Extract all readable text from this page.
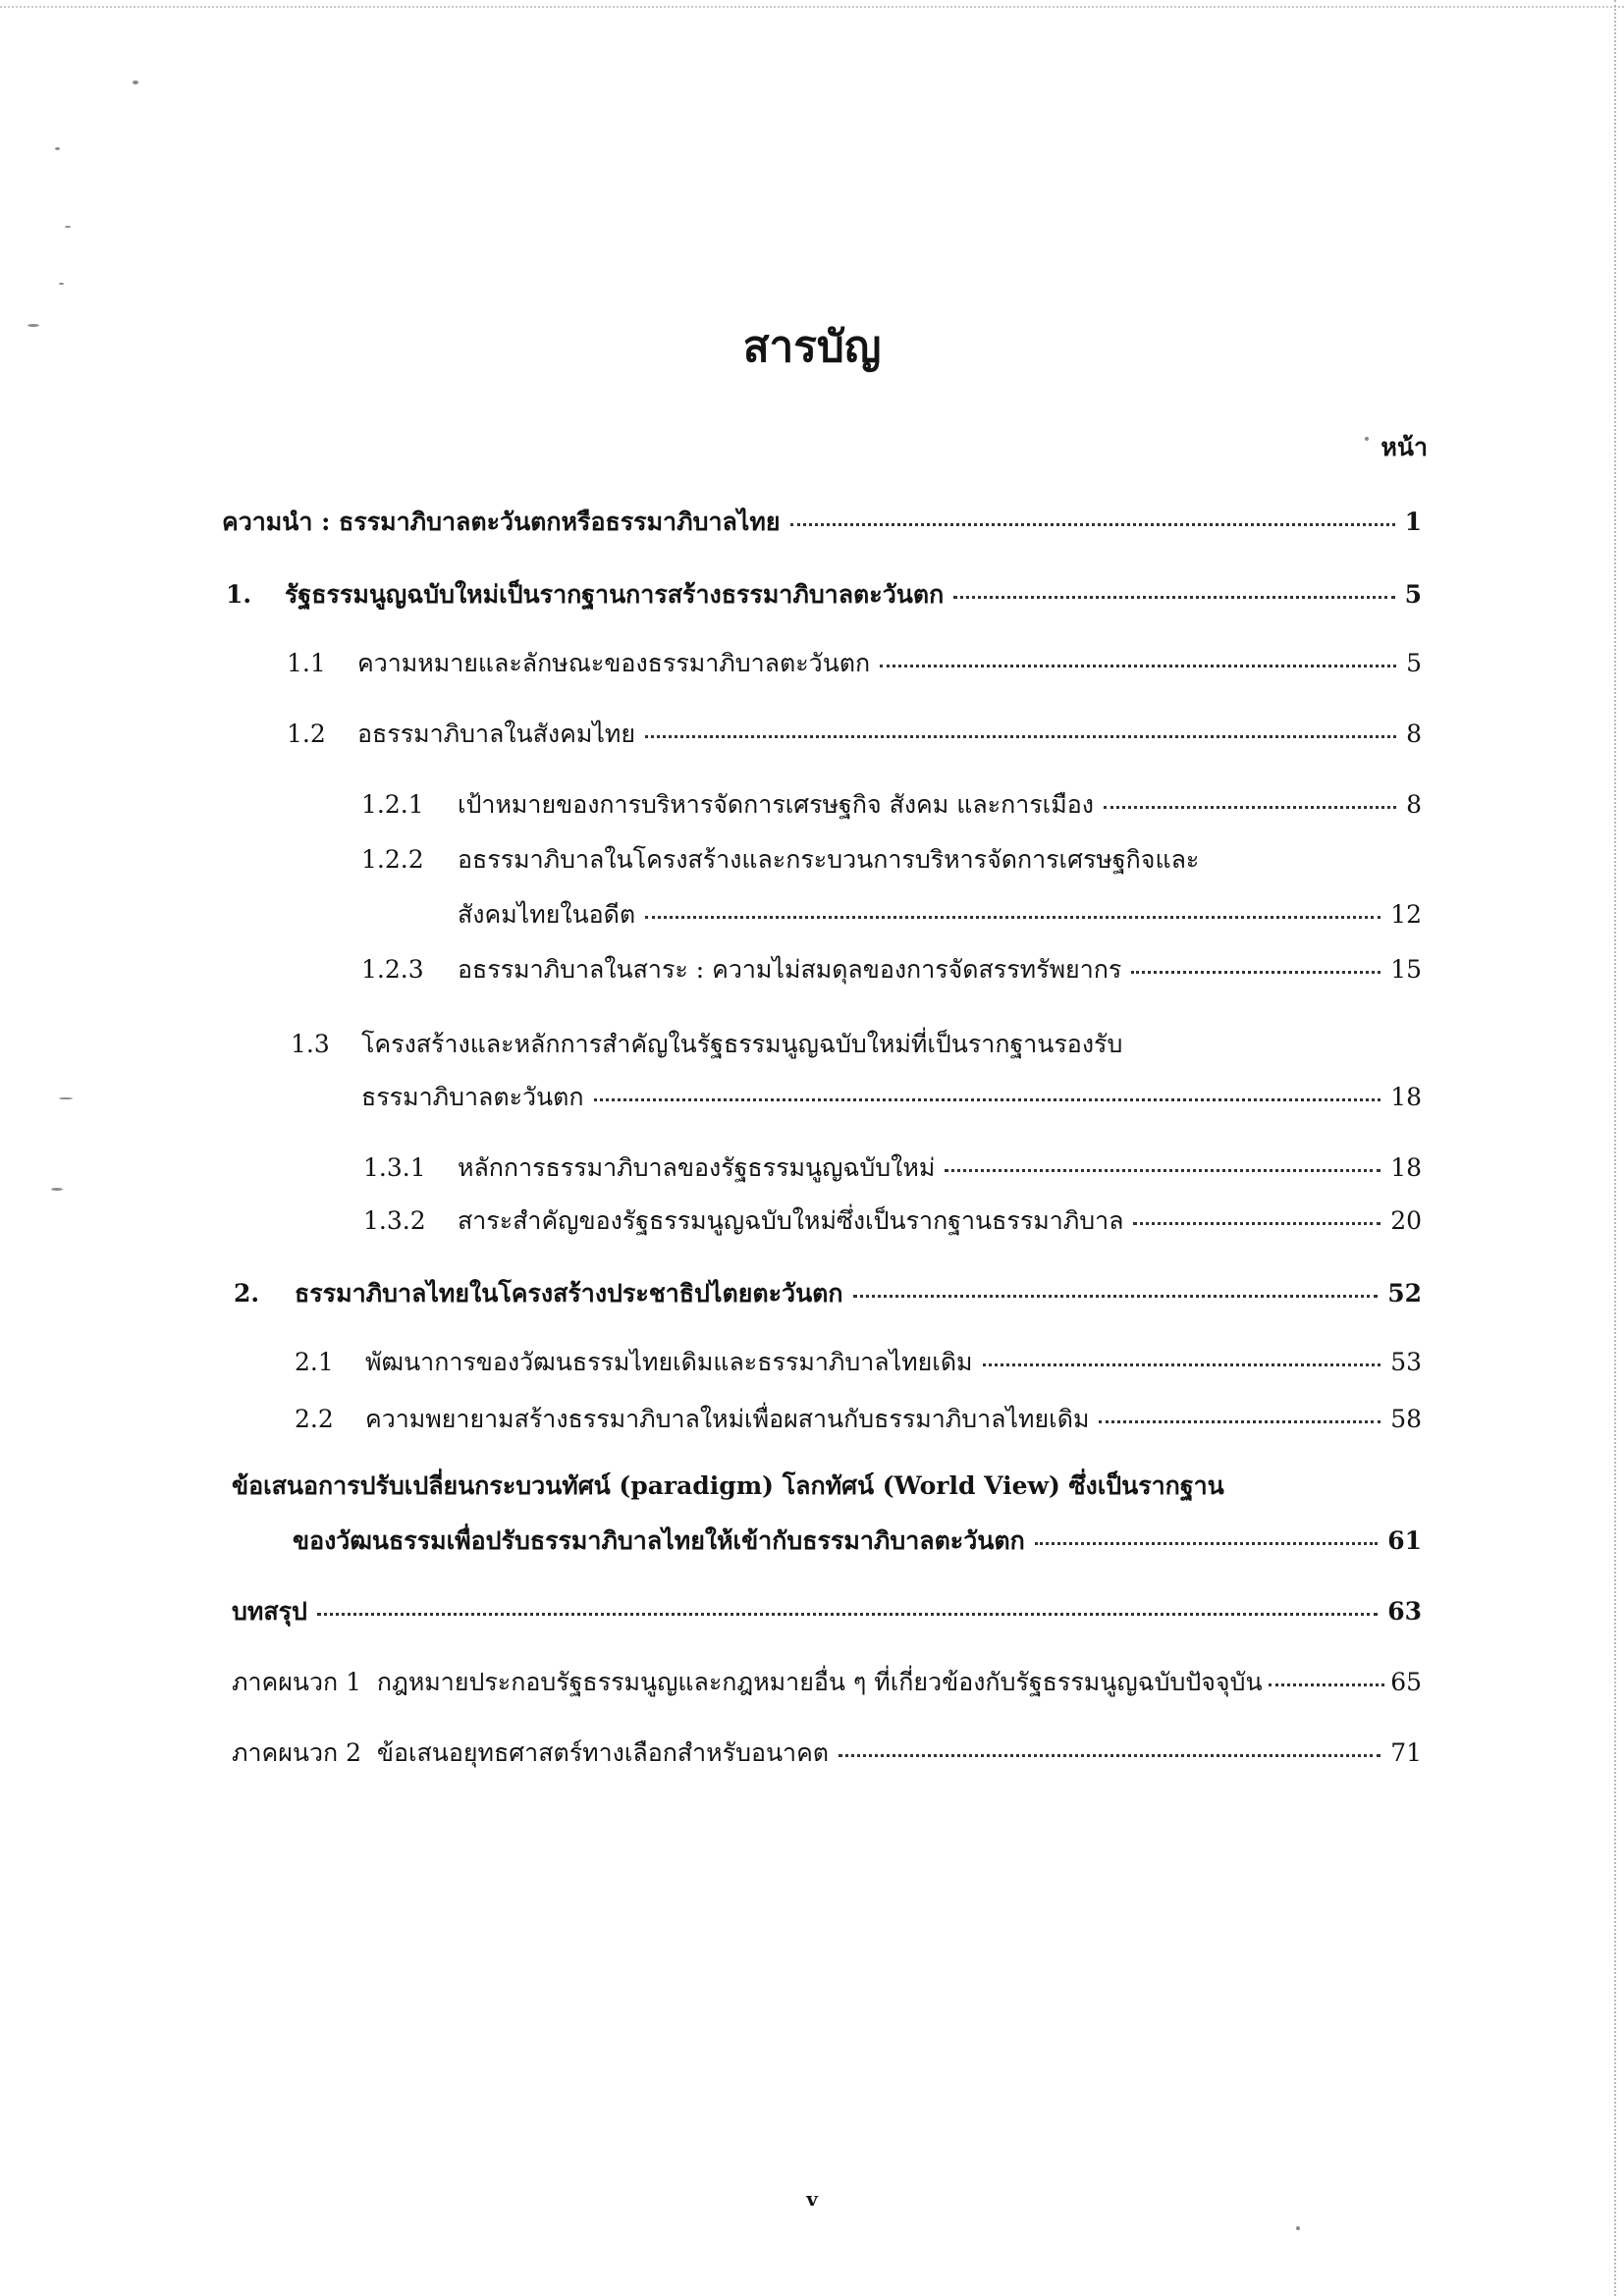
สารบัญ
หน้า
ความนำ : ธรรมาภิบาลตะวันตกหรือธรรมาภิบาลไทย	1
1.	รัฐธรรมนูญฉบับใหม่เป็นรากฐานการสร้างธรรมาภิบาลตะวันตก	5
1.1	ความหมายและลักษณะของธรรมาภิบาลตะวันตก	5
1.2	อธรรมาภิบาลในสังคมไทย	8
1.2.1	เป้าหมายของการบริหารจัดการเศรษฐกิจ สังคม และการเมือง	8
1.2.2	อธรรมาภิบาลในโครงสร้างและกระบวนการบริหารจัดการเศรษฐกิจและ
สังคมไทยในอดีต	12
1.2.3	อธรรมาภิบาลในสาระ : ความไม่สมดุลของการจัดสรรทรัพยากร	15
1.3	โครงสร้างและหลักการสำคัญในรัฐธรรมนูญฉบับใหม่ที่เป็นรากฐานรองรับ
ธรรมาภิบาลตะวันตก	18
1.3.1	หลักการธรรมาภิบาลของรัฐธรรมนูญฉบับใหม่	18
1.3.2	สาระสำคัญของรัฐธรรมนูญฉบับใหม่ซึ่งเป็นรากฐานธรรมาภิบาล	20
2.	ธรรมาภิบาลไทยในโครงสร้างประชาธิปไตยตะวันตก	52
2.1	พัฒนาการของวัฒนธรรมไทยเดิมและธรรมาภิบาลไทยเดิม	53
2.2	ความพยายามสร้างธรรมาภิบาลใหม่เพื่อผสานกับธรรมาภิบาลไทยเดิม	58
ข้อเสนอการปรับเปลี่ยนกระบวนทัศน์ (paradigm) โลกทัศน์ (World View) ซึ่งเป็นรากฐาน
ของวัฒนธรรมเพื่อปรับธรรมาภิบาลไทยให้เข้ากับธรรมาภิบาลตะวันตก	61
บทสรุป	63
ภาคผนวก 1  กฎหมายประกอบรัฐธรรมนูญและกฎหมายอื่น ๆ ที่เกี่ยวข้องกับรัฐธรรมนูญฉบับปัจจุบัน	65
ภาคผนวก 2  ข้อเสนอยุทธศาสตร์ทางเลือกสำหรับอนาคต	71
v
